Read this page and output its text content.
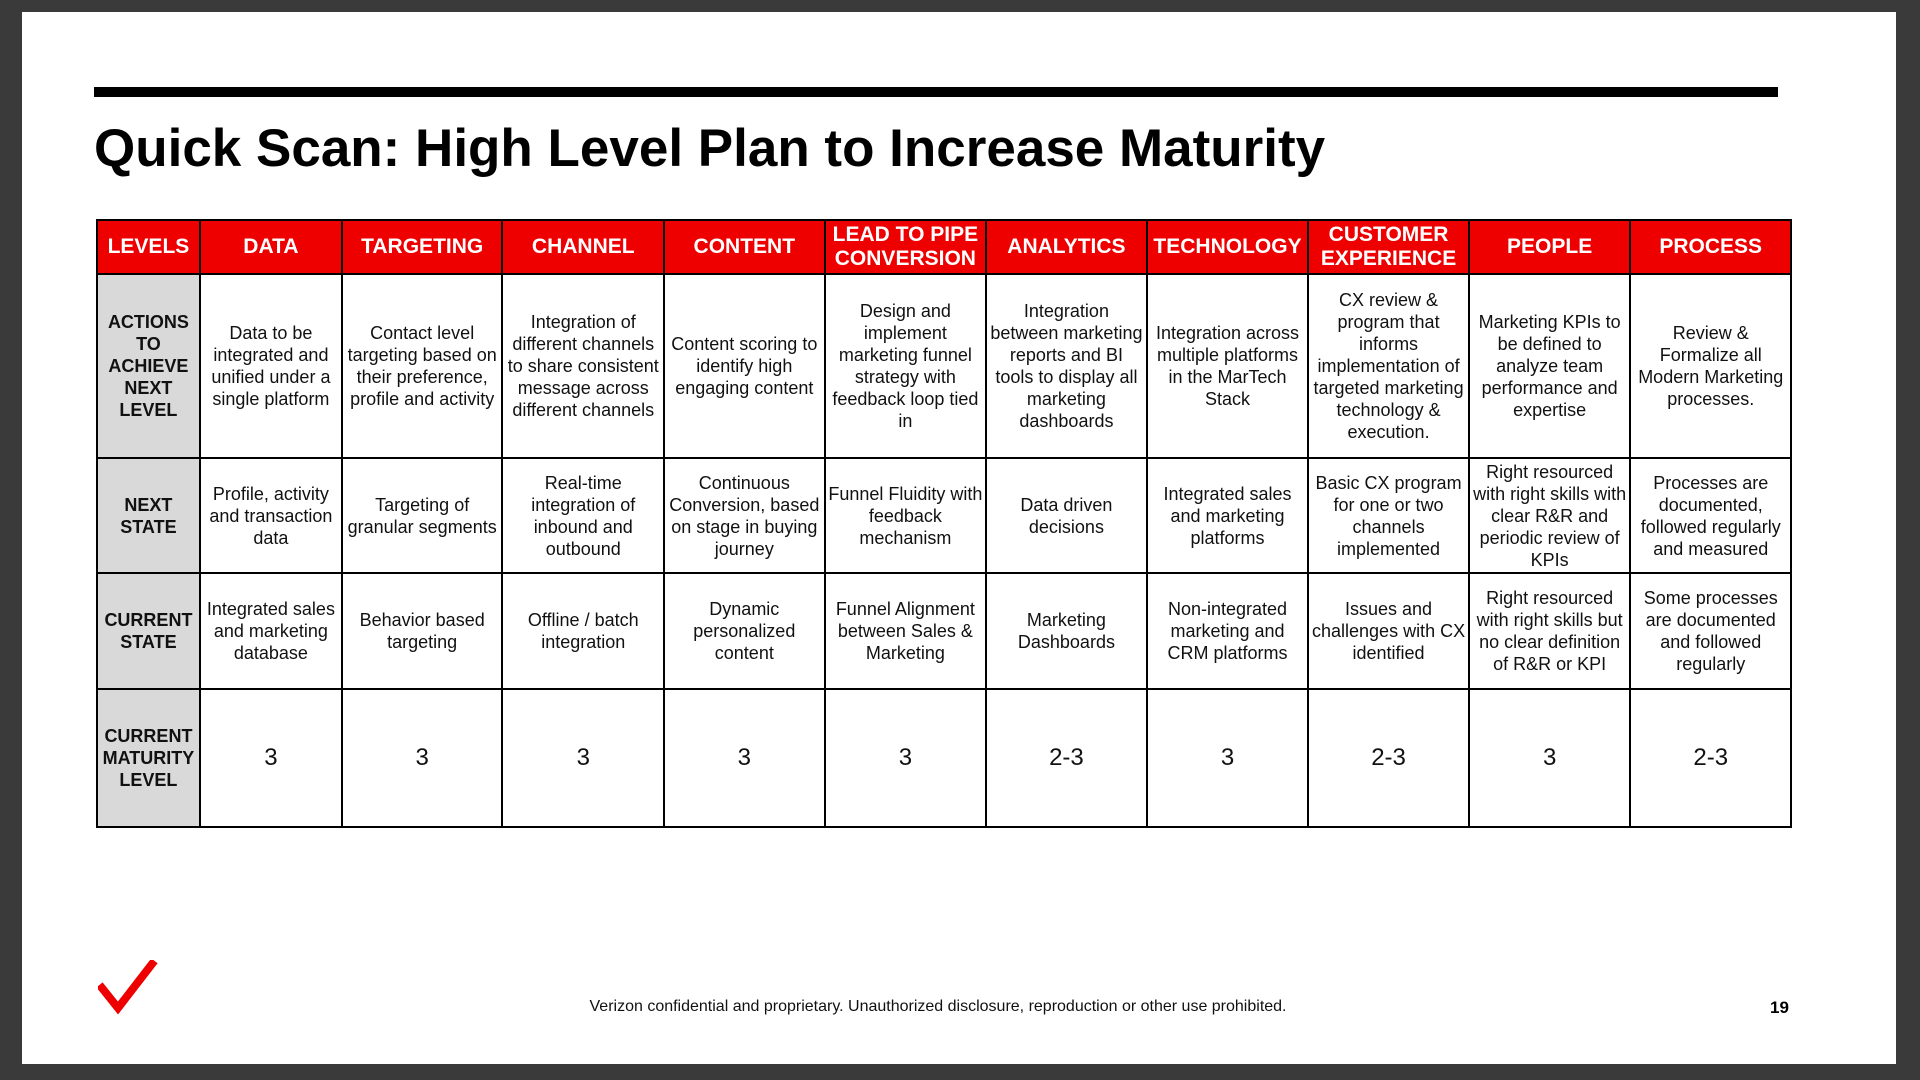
Quick Scan: High Level Plan to Increase Maturity
LEVELS	DATA	TARGETING	CHANNEL	CONTENT	LEAD TO PIPE CONVERSION	ANALYTICS	TECHNOLOGY	CUSTOMER EXPERIENCE	PEOPLE	PROCESS
ACTIONS TO ACHIEVE NEXT LEVEL	Data to be integrated and unified under a single platform	Contact level targeting based on their preference, profile and activity	Integration of different channels to share consistent message across different channels	Content scoring to identify high engaging content	Design and implement marketing funnel strategy with feedback loop tied in	Integration between marketing reports and BI tools to display all marketing dashboards	Integration across multiple platforms in the MarTech Stack	CX review & program that informs implementation of targeted marketing technology & execution.	Marketing KPIs to be defined to analyze team performance and expertise	Review & Formalize all Modern Marketing processes.
NEXT STATE	Profile, activity and transaction data	Targeting of granular segments	Real-time integration of inbound and outbound	Continuous Conversion, based on stage in buying journey	Funnel Fluidity with feedback mechanism	Data driven decisions	Integrated sales and marketing platforms	Basic CX program for one or two channels implemented	Right resourced with right skills with clear R&R and periodic review of KPIs	Processes are documented, followed regularly and measured
CURRENT STATE	Integrated sales and marketing database	Behavior based targeting	Offline / batch integration	Dynamic personalized content	Funnel Alignment between Sales & Marketing	Marketing Dashboards	Non-integrated marketing and CRM platforms	Issues and challenges with CX identified	Right resourced with right skills but no clear definition of R&R or KPI	Some processes are documented and followed regularly
CURRENT MATURITY LEVEL	3	3	3	3	3	2-3	3	2-3	3	2-3
Verizon confidential and proprietary. Unauthorized disclosure, reproduction or other use prohibited.	19
